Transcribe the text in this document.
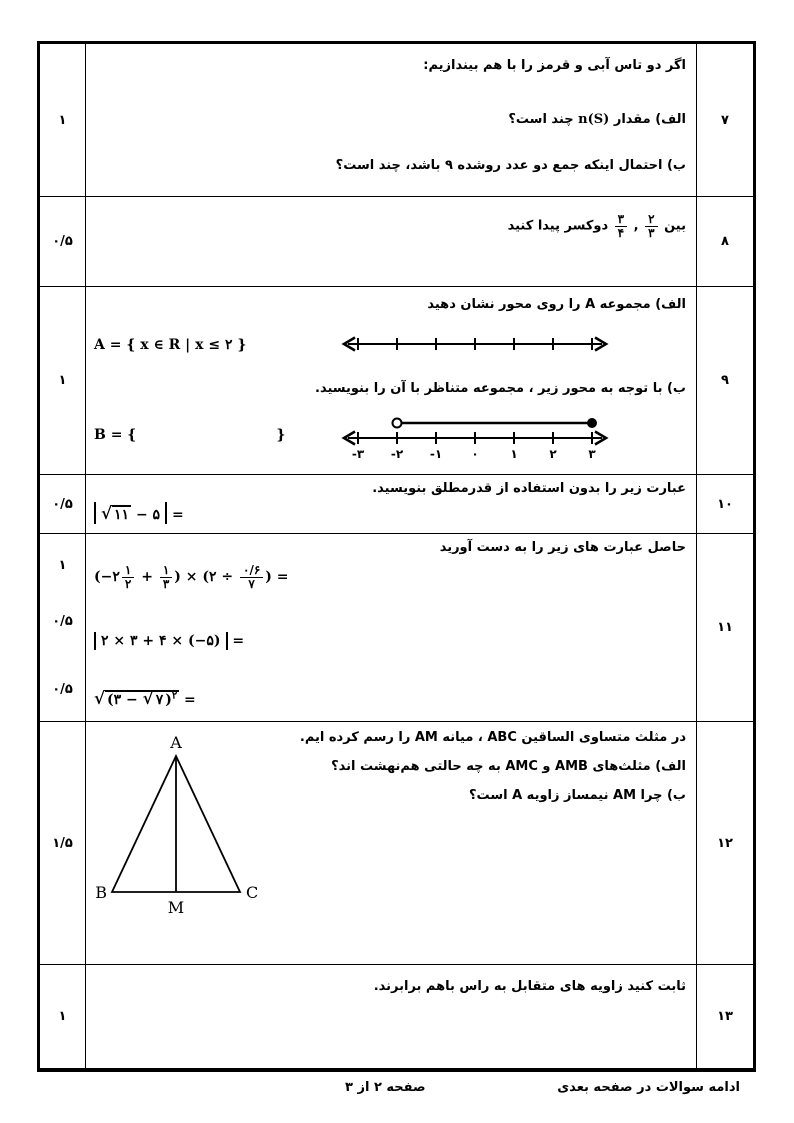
۷
اگر دو تاس آبی و قرمز را با هم بیندازیم:
الف) مقدار n(S) چند است؟
ب) احتمال اینکه جمع دو عدد روشده ۹ باشد، چند است؟
۱
۸
بین
$\frac{۲}{۳}$
,
$\frac{۳}{۴}$
دوکسر پیدا کنید
۰/۵
۹
الف) مجموعه A را روی محور نشان دهید
A = { x ∈ R | x ≤ ۲ }
ب) با توجه به محور زیر ، مجموعه متناظر با آن را بنویسید.
B = {	}
-۳	-۲	-۱	۰	۱	۲	۳
۱
۱۰
عبارت زیر را بدون استفاده از قدرمطلق بنویسید.
√ ۱۱ − ۵ =
۰/۵
۱۱
حاصل عبارت های زیر را به دست آورید
(−۲ $\frac{۱}{۲} + \frac{۱}{۳}$ ) × (۲ ÷ $\frac{۰/۶}{۷}$ ) =
۲ × ۳ + ۴ × (−۵) =
√ (۳ − √ ۷ )$^۲$ =
۱
۰/۵
۰/۵
۱۲
در مثلث متساوی الساقین ABC ، میانه AM را رسم کرده ایم.
الف) مثلث‌های AMB و AMC به چه حالتی هم‌نهشت اند؟
ب) چرا AM نیمساز زاویه A است؟
A
B	C
M
۱/۵
۱۳
ثابت کنید زاویه های متقابل به راس باهم برابرند.
۱
ادامه سوالات در صفحه بعدی
صفحه ۲ از ۳
